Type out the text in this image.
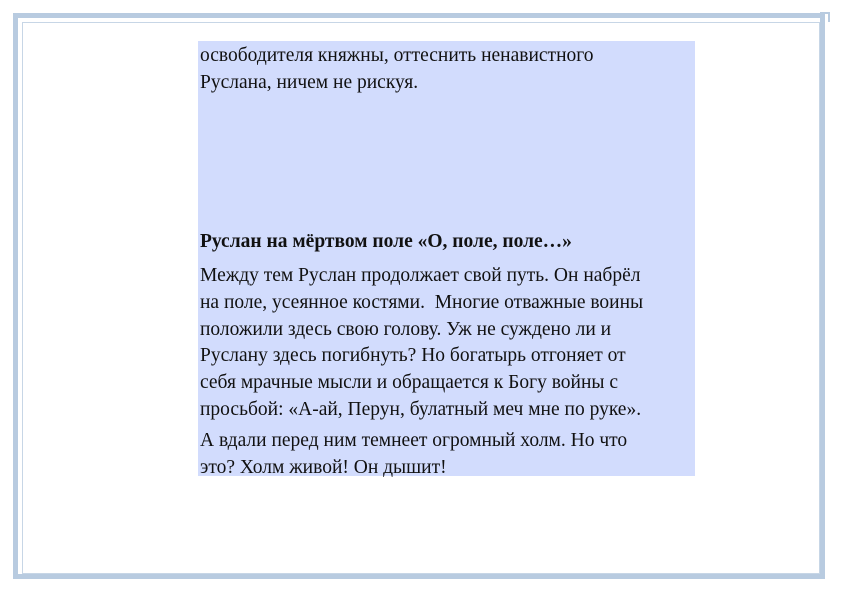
освободителя княжны, оттеснить ненавистного
Руслана, ничем не рискуя.
Руслан на мёртвом поле «О, поле, поле…»
Между тем Руслан продолжает свой путь. Он набрёл
на поле, усеянное костями.  Многие отважные воины
положили здесь свою голову. Уж не суждено ли и
Руслану здесь погибнуть? Но богатырь отгоняет от
себя мрачные мысли и обращается к Богу войны с
просьбой: «А-ай, Перун, булатный меч мне по руке».
А вдали перед ним темнеет огромный холм. Но что
это? Холм живой! Он дышит!
